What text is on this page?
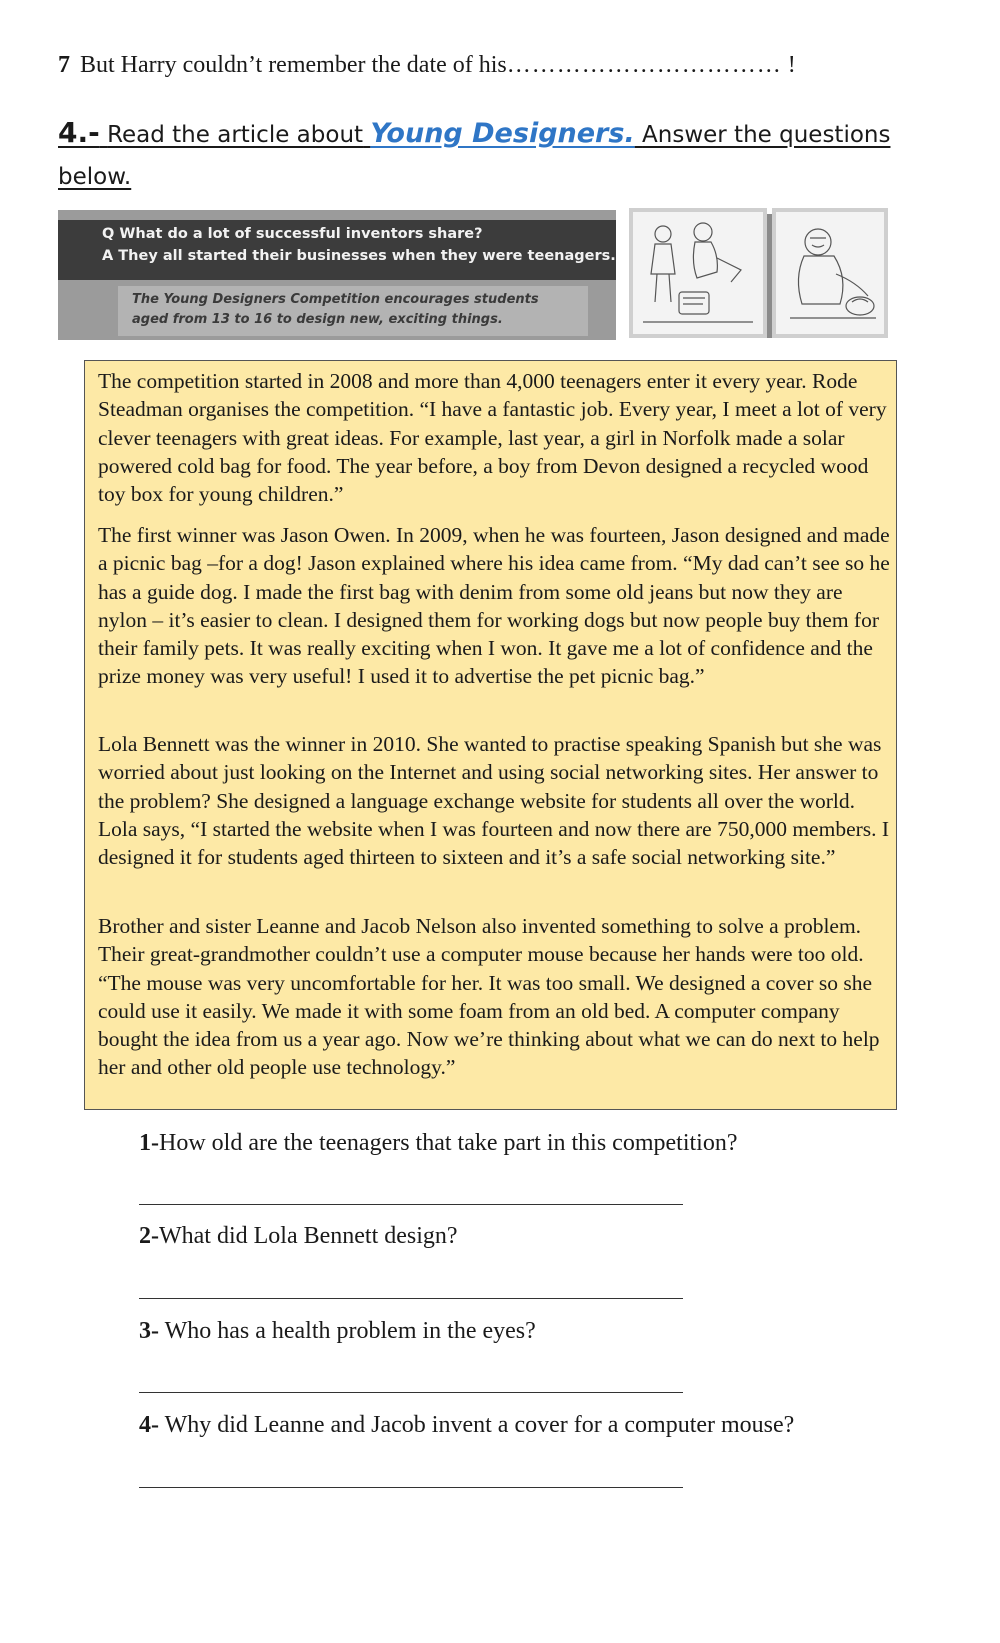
7 But Harry couldn’t remember the date of his…………………………… !
4.- Read the article about Young Designers. Answer the questions
below.
Q What do a lot of successful inventors share?
A They all started their businesses when they were teenagers.
The Young Designers Competition encourages students
aged from 13 to 16 to design new, exciting things.

The competition started in 2008 and more than 4,000 teenagers enter it every year. Rode Steadman organises the competition. “I have a fantastic job. Every year, I meet a lot of very clever teenagers with great ideas. For example, last year, a girl in Norfolk made a solar powered cold bag for food. The year before, a boy from Devon designed a recycled wood toy box for young children.”

The first winner was Jason Owen. In 2009, when he was fourteen, Jason designed and made a picnic bag –for a dog! Jason explained where his idea came from. “My dad can’t see so he has a guide dog. I made the first bag with denim from some old jeans but now they are nylon – it’s easier to clean. I designed them for working dogs but now people buy them for their family pets. It was really exciting when I won. It gave me a lot of confidence and the prize money was very useful! I used it to advertise the pet picnic bag.”

Lola Bennett was the winner in 2010. She wanted to practise speaking Spanish but she was worried about just looking on the Internet and using social networking sites. Her answer to the problem? She designed a language exchange website for students all over the world. Lola says, “I started the website when I was fourteen and now there are 750,000 members. I designed it for students aged thirteen to sixteen and it’s a safe social networking site.”

Brother and sister Leanne and Jacob Nelson also invented something to solve a problem. Their great-grandmother couldn’t use a computer mouse because her hands were too old. “The mouse was very uncomfortable for her. It was too small. We designed a cover so she could use it easily. We made it with some foam from an old bed. A computer company bought the idea from us a year ago. Now we’re thinking about what we can do next to help her and other old people use technology.”

1-How old are the teenagers that take part in this competition?
2-What did Lola Bennett design?
3- Who has a health problem in the eyes?
4- Why did Leanne and Jacob invent a cover for a computer mouse?
